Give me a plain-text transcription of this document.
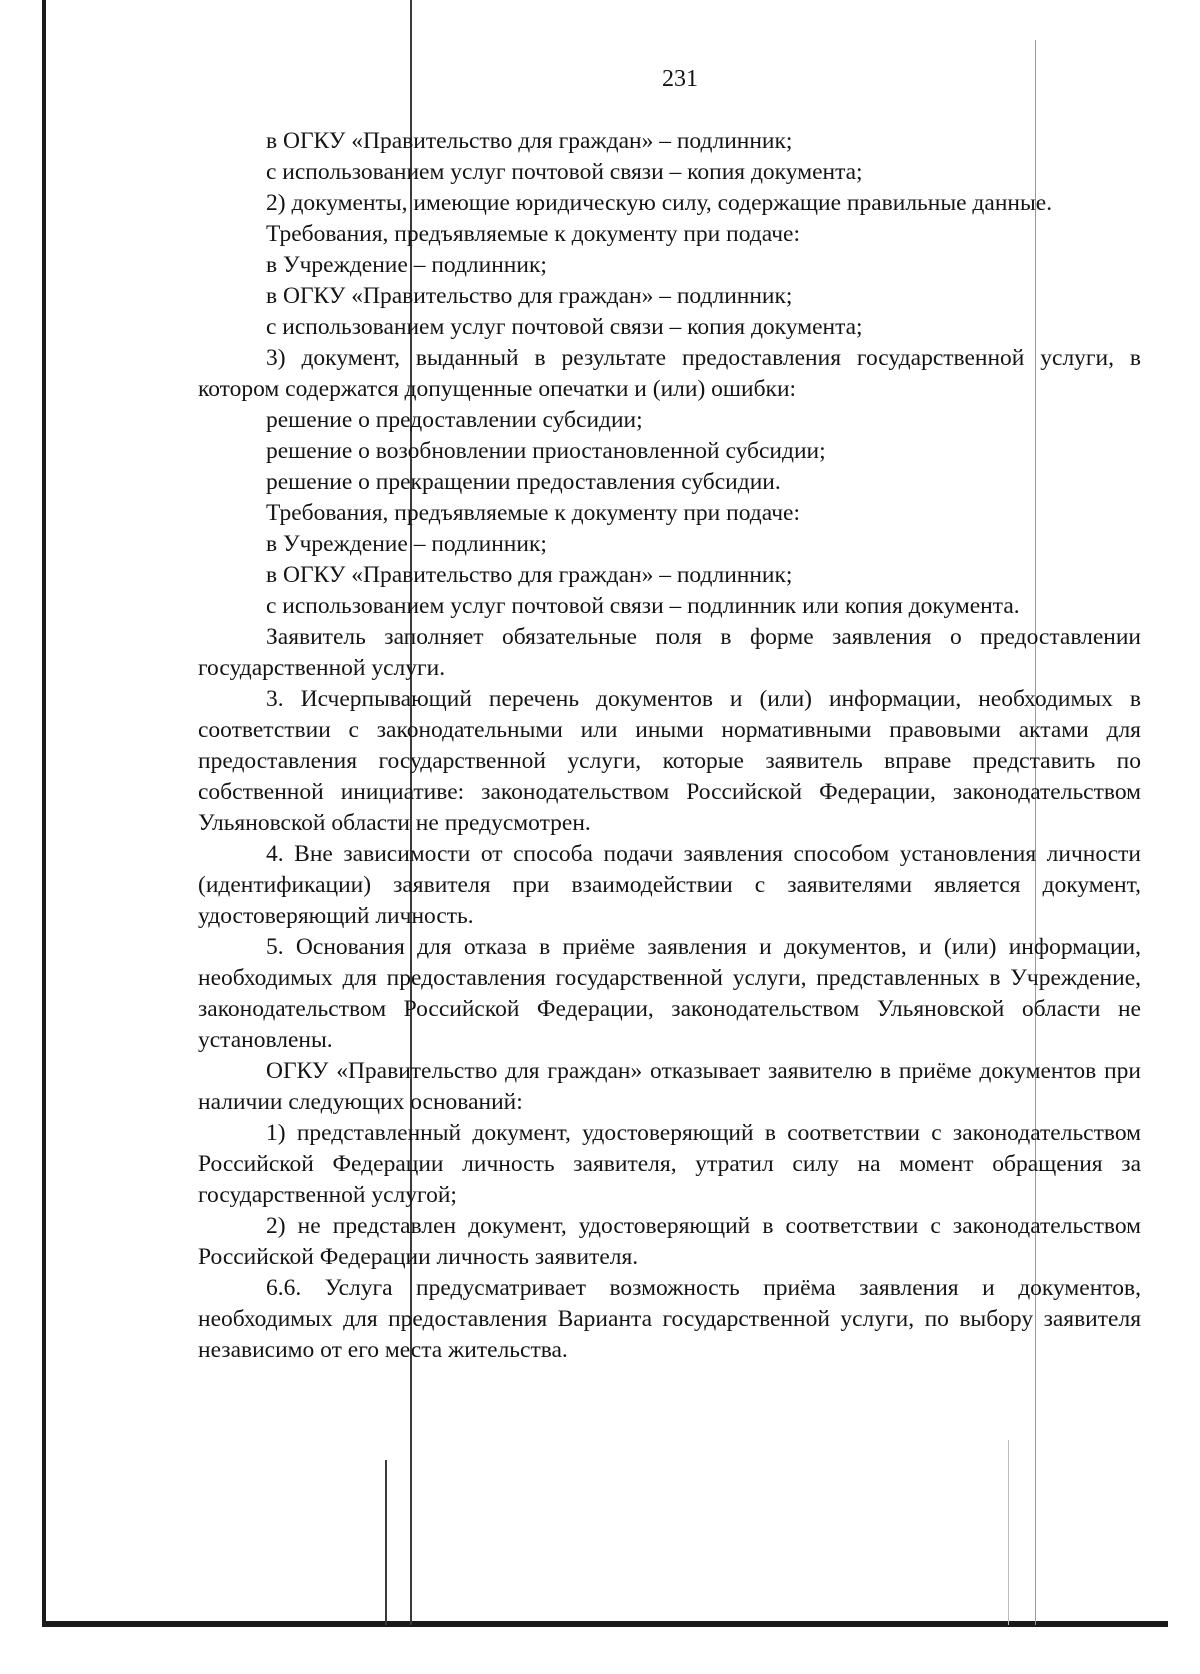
231

в ОГКУ «Правительство для граждан» – подлинник;

с использованием услуг почтовой связи – копия документа;

2) документы, имеющие юридическую силу, содержащие правильные данные.

Требования, предъявляемые к документу при подаче:

в Учреждение – подлинник;

в ОГКУ «Правительство для граждан» – подлинник;

с использованием услуг почтовой связи – копия документа;

3) документ, выданный в результате предоставления государственной услуги, в котором содержатся допущенные опечатки и (или) ошибки:

решение о предоставлении субсидии;

решение о возобновлении приостановленной субсидии;

решение о прекращении предоставления субсидии.

Требования, предъявляемые к документу при подаче:

в Учреждение – подлинник;

в ОГКУ «Правительство для граждан» – подлинник;

с использованием услуг почтовой связи – подлинник или копия документа.

Заявитель заполняет обязательные поля в форме заявления о предоставлении государственной услуги.

3. Исчерпывающий перечень документов и (или) информации, необходимых в соответствии с законодательными или иными нормативными правовыми актами для предоставления государственной услуги, которые заявитель вправе представить по собственной инициативе: законодательством Российской Федерации, законодательством Ульяновской области не предусмотрен.

4. Вне зависимости от способа подачи заявления способом установления личности (идентификации) заявителя при взаимодействии с заявителями является документ, удостоверяющий личность.

5. Основания для отказа в приёме заявления и документов, и (или) информации, необходимых для предоставления государственной услуги, представленных в Учреждение, законодательством Российской Федерации, законодательством Ульяновской области не установлены.

ОГКУ «Правительство для граждан» отказывает заявителю в приёме документов при наличии следующих оснований:

1) представленный документ, удостоверяющий в соответствии с законодательством Российской Федерации личность заявителя, утратил силу на момент обращения за государственной услугой;

2) не представлен документ, удостоверяющий в соответствии с законодательством Российской Федерации личность заявителя.

6.6. Услуга предусматривает возможность приёма заявления и документов, необходимых для предоставления Варианта государственной услуги, по выбору заявителя независимо от его места жительства.
